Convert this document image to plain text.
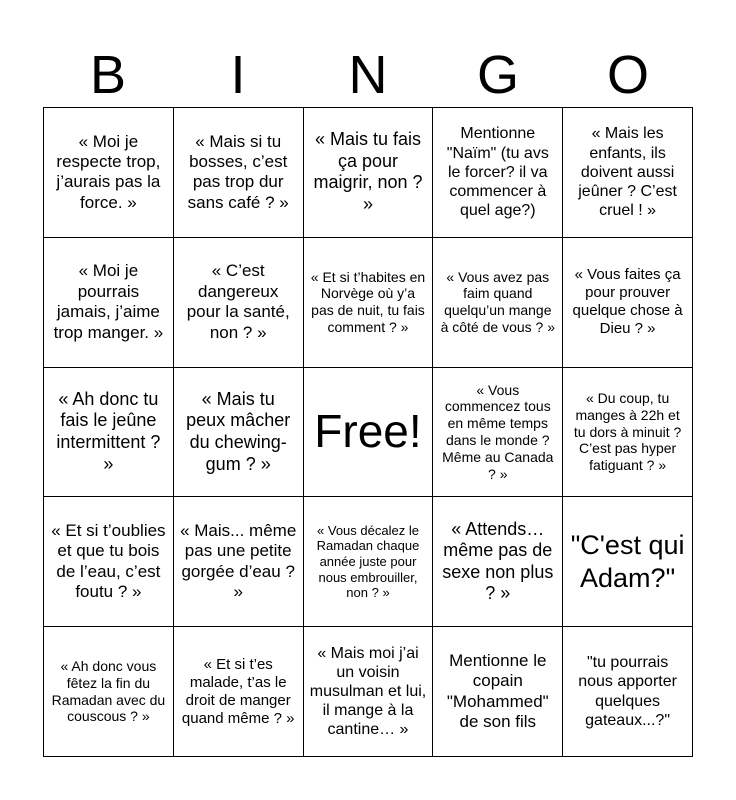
B	I	N	G	O
« Moi je respecte trop, j’aurais pas la force. »
« Mais si tu bosses, c’est pas trop dur sans café ? »
« Mais tu fais ça pour maigrir, non ? »
Mentionne "Naïm" (tu avs le forcer? il va commencer à quel age?)
« Mais les enfants, ils doivent aussi jeûner ? C’est cruel ! »
« Moi je pourrais jamais, j’aime trop manger. »
« C’est dangereux pour la santé, non ? »
« Et si t’habites en Norvège où y’a pas de nuit, tu fais comment ? »
« Vous avez pas faim quand quelqu’un mange à côté de vous ? »
« Vous faites ça pour prouver quelque chose à Dieu ? »
« Ah donc tu fais le jeûne intermittent ? »
« Mais tu peux mâcher du chewing-gum ? »
Free!
« Vous commencez tous en même temps dans le monde ? Même au Canada ? »
« Du coup, tu manges à 22h et tu dors à minuit ? C’est pas hyper fatiguant ? »
« Et si t’oublies et que tu bois de l’eau, c’est foutu ? »
« Mais... même pas une petite gorgée d’eau ? »
« Vous décalez le Ramadan chaque année juste pour nous embrouiller, non ? »
« Attends… même pas de sexe non plus ? »
"C'est qui Adam?"
« Ah donc vous fêtez la fin du Ramadan avec du couscous ? »
« Et si t’es malade, t’as le droit de manger quand même ? »
« Mais moi j’ai un voisin musulman et lui, il mange à la cantine… »
Mentionne le copain "Mohammed" de son fils
"tu pourrais nous apporter quelques gateaux...?"
